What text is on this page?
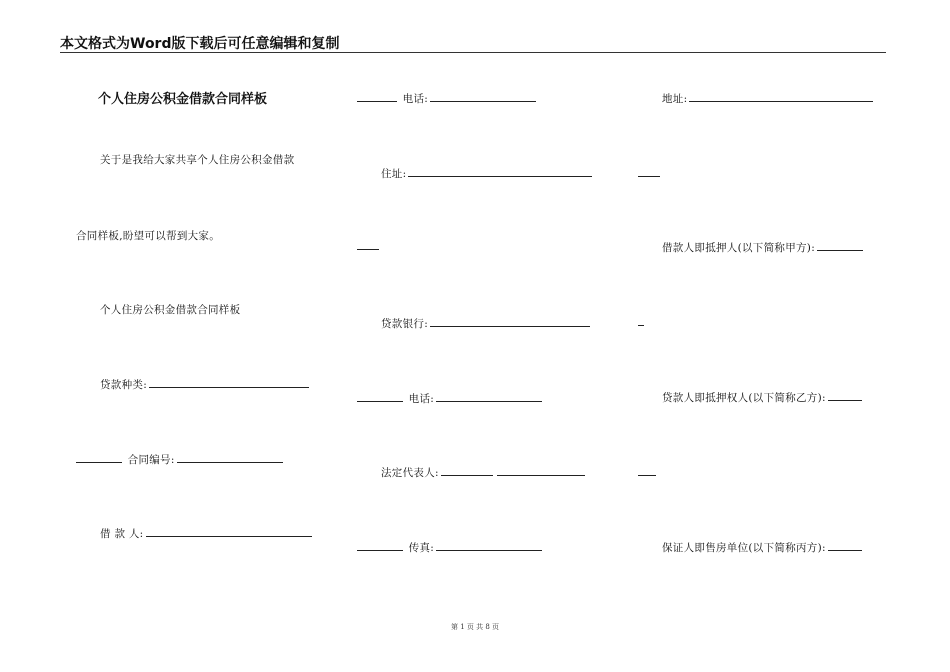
本文格式为Word版下载后可任意编辑和复制
个人住房公积金借款合同样板
关于是我给大家共享个人住房公积金借款
合同样板,盼望可以帮到大家。
个人住房公积金借款合同样板
贷款种类:
合同编号:
借 款 人:
电话:
住址:
贷款银行:
电话:
法定代表人:
传真:
地址:
借款人即抵押人(以下简称甲方):
贷款人即抵押权人(以下简称乙方):
保证人即售房单位(以下简称丙方):
第 1 页 共 8 页
